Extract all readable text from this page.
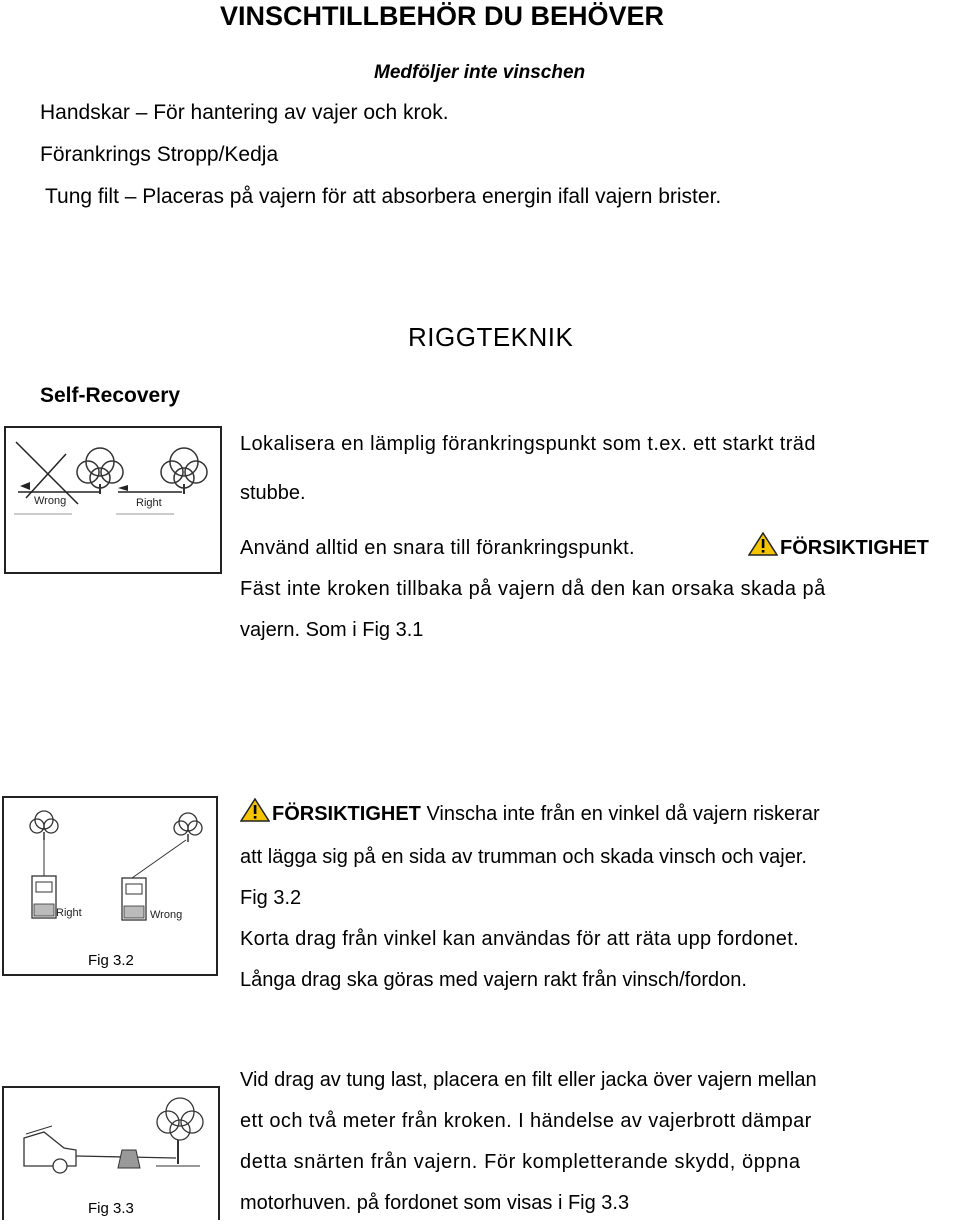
VINSCHTILLBEHÖR DU BEHÖVER
Medföljer inte vinschen
Handskar – För hantering av vajer och krok.
Förankrings Stropp/Kedja
Tung filt – Placeras på vajern för att absorbera energin ifall vajern brister.
RIGGTEKNIK
Self-Recovery
Wrong	Right

Lokalisera en lämplig förankringspunkt som t.ex. ett starkt träd

stubbe.

Använd alltid en snara till förankringspunkt.	FÖRSIKTIGHET

Fäst inte kroken tillbaka på vajern då den kan orsaka skada på

vajern. Som i Fig 3.1

Right	Wrong
Fig 3.2

FÖRSIKTIGHET Vinscha inte från en vinkel då vajern riskerar

att lägga sig på en sida av trumman och skada vinsch och vajer.

Fig 3.2

Korta drag från vinkel kan användas för att räta upp fordonet.

Långa drag ska göras med vajern rakt från vinsch/fordon.

Fig 3.3

Vid drag av tung last, placera en filt eller jacka över vajern mellan

ett och två meter från kroken. I händelse av vajerbrott dämpar

detta snärten från vajern. För kompletterande skydd, öppna

motorhuven. på fordonet som visas i Fig 3.3
